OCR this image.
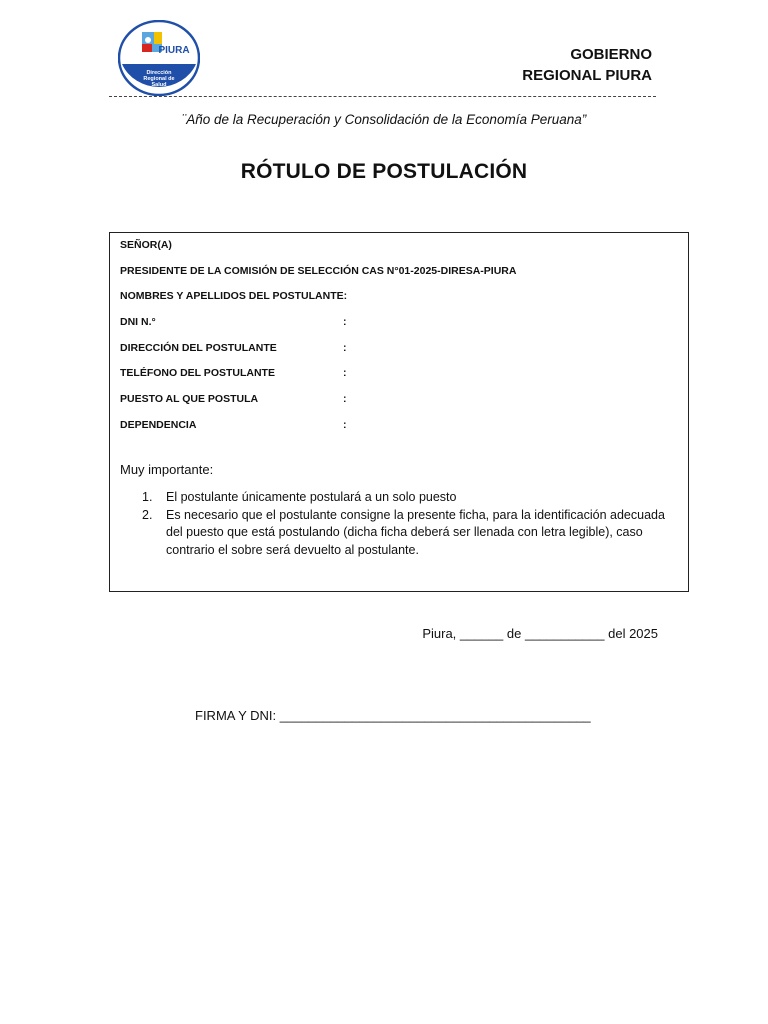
PIURA
Dirección
Regional de
Salud
GOBIERNO
REGIONAL PIURA
¨Año de la Recuperación y Consolidación de la Economía Peruana”
RÓTULO DE POSTULACIÓN
SEÑOR(A)
PRESIDENTE DE LA COMISIÓN DE SELECCIÓN CAS N°01-2025-DIRESA-PIURA
NOMBRES Y APELLIDOS DEL POSTULANTE:
DNI N.°	:
DIRECCIÓN DEL POSTULANTE	:
TELÉFONO DEL POSTULANTE	:
PUESTO AL QUE POSTULA	:
DEPENDENCIA	:
Muy importante:
1. El postulante únicamente postulará a un solo puesto
2. Es necesario que el postulante consigne la presente ficha, para la identificación adecuada del puesto que está postulando (dicha ficha deberá ser llenada con letra legible), caso contrario el sobre será devuelto al postulante.
Piura, ______ de ___________ del 2025
FIRMA Y DNI: ___________________________________________
